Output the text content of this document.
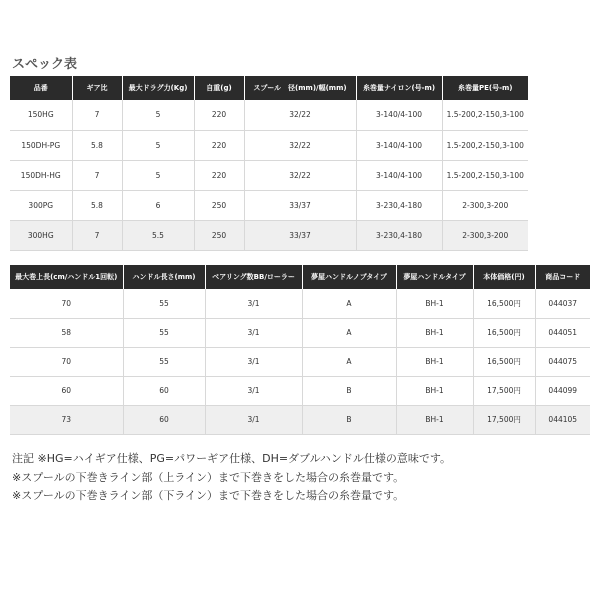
スペック表
品番	ギア比	最大ドラグ力(Kg)	自重(g)	スプール　径(mm)/幅(mm)	糸巻量ナイロン(号-m)	糸巻量PE(号-m)
150HG	7	5	220	32/22	3-140/4-100	1.5-200,2-150,3-100
150DH-PG	5.8	5	220	32/22	3-140/4-100	1.5-200,2-150,3-100
150DH-HG	7	5	220	32/22	3-140/4-100	1.5-200,2-150,3-100
300PG	5.8	6	250	33/37	3-230,4-180	2-300,3-200
300HG	7	5.5	250	33/37	3-230,4-180	2-300,3-200
最大巻上長(cm/ハンドル1回転)	ハンドル長さ(mm)	ベアリング数BB/ローラー	夢屋ハンドルノブタイプ	夢屋ハンドルタイプ	本体価格(円)	商品コード
70	55	3/1	A	BH-1	16,500円	044037
58	55	3/1	A	BH-1	16,500円	044051
70	55	3/1	A	BH-1	16,500円	044075
60	60	3/1	B	BH-1	17,500円	044099
73	60	3/1	B	BH-1	17,500円	044105
注記 ※HG=ハイギア仕様、PG=パワーギア仕様、DH=ダブルハンドル仕様の意味です。
※スプールの下巻きライン部（上ライン）まで下巻きをした場合の糸巻量です。
※スプールの下巻きライン部（下ライン）まで下巻きをした場合の糸巻量です。
